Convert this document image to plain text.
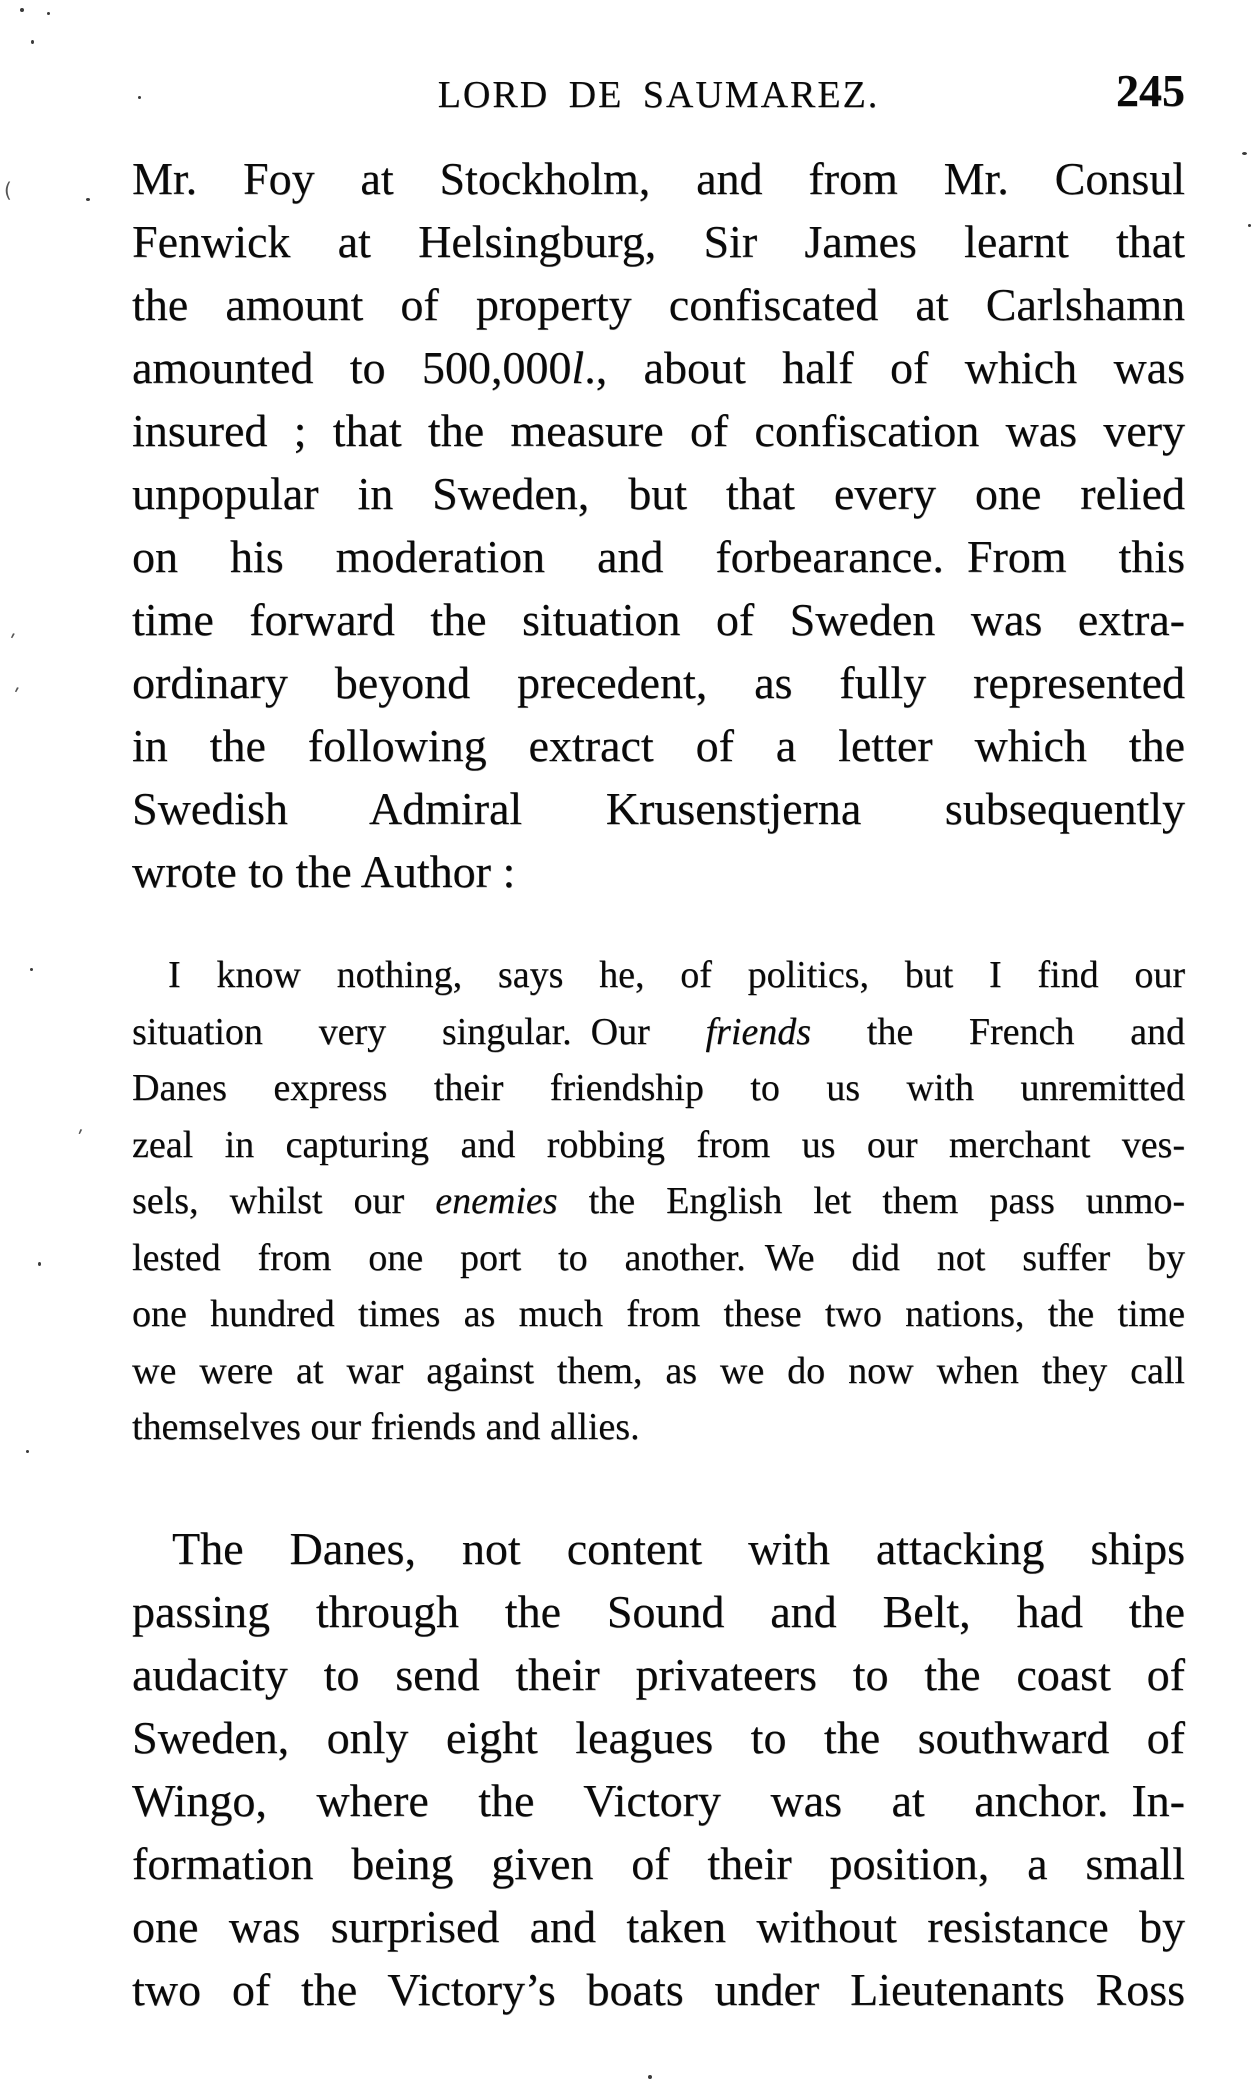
LORD DE SAUMAREZ.	245
Mr. Foy at Stockholm, and from Mr. Consul
Fenwick at Helsingburg, Sir James learnt that
the amount of property confiscated at Carlshamn
amounted to 500,000l., about half of which was
insured ; that the measure of confiscation was very
unpopular in Sweden, but that every one relied
on his moderation and forbearance. From this
time forward the situation of Sweden was extra-
ordinary beyond precedent, as fully represented
in the following extract of a letter which the
Swedish Admiral Krusenstjerna subsequently
wrote to the Author :
I know nothing, says he, of politics, but I find our
situation very singular. Our friends the French and
Danes express their friendship to us with unremitted
zeal in capturing and robbing from us our merchant ves-
sels, whilst our enemies the English let them pass unmo-
lested from one port to another. We did not suffer by
one hundred times as much from these two nations, the time
we were at war against them, as we do now when they call
themselves our friends and allies.
The Danes, not content with attacking ships
passing through the Sound and Belt, had the
audacity to send their privateers to the coast of
Sweden, only eight leagues to the southward of
Wingo, where the Victory was at anchor. In-
formation being given of their position, a small
one was surprised and taken without resistance by
two of the Victory’s boats under Lieutenants Ross
(
ʹ
ʹ
ʹ
